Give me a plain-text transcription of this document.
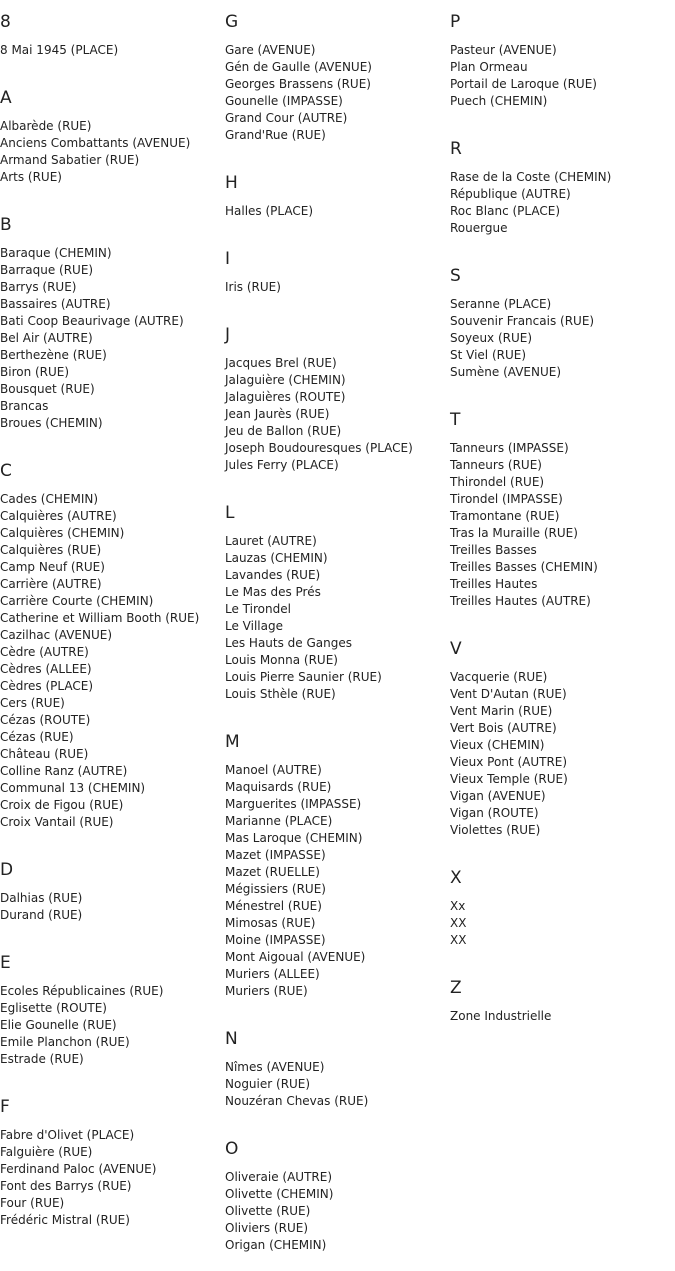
8
8 Mai 1945 (PLACE)
A
Albarède (RUE)
Anciens Combattants (AVENUE)
Armand Sabatier (RUE)
Arts (RUE)
B
Baraque (CHEMIN)
Barraque (RUE)
Barrys (RUE)
Bassaires (AUTRE)
Bati Coop Beaurivage (AUTRE)
Bel Air (AUTRE)
Berthezène (RUE)
Biron (RUE)
Bousquet (RUE)
Brancas
Broues (CHEMIN)
C
Cades (CHEMIN)
Calquières (AUTRE)
Calquières (CHEMIN)
Calquières (RUE)
Camp Neuf (RUE)
Carrière (AUTRE)
Carrière Courte (CHEMIN)
Catherine et William Booth (RUE)
Cazilhac (AVENUE)
Cèdre (AUTRE)
Cèdres (ALLEE)
Cèdres (PLACE)
Cers (RUE)
Cézas (ROUTE)
Cézas (RUE)
Château (RUE)
Colline Ranz (AUTRE)
Communal 13 (CHEMIN)
Croix de Figou (RUE)
Croix Vantail (RUE)
D
Dalhias (RUE)
Durand (RUE)
E
Ecoles Républicaines (RUE)
Eglisette (ROUTE)
Elie Gounelle (RUE)
Emile Planchon (RUE)
Estrade (RUE)
F
Fabre d'Olivet (PLACE)
Falguière (RUE)
Ferdinand Paloc (AVENUE)
Font des Barrys (RUE)
Four (RUE)
Frédéric Mistral (RUE)
G
Gare (AVENUE)
Gén de Gaulle (AVENUE)
Georges Brassens (RUE)
Gounelle (IMPASSE)
Grand Cour (AUTRE)
Grand'Rue (RUE)
H
Halles (PLACE)
I
Iris (RUE)
J
Jacques Brel (RUE)
Jalaguière (CHEMIN)
Jalaguières (ROUTE)
Jean Jaurès (RUE)
Jeu de Ballon (RUE)
Joseph Boudouresques (PLACE)
Jules Ferry (PLACE)
L
Lauret (AUTRE)
Lauzas (CHEMIN)
Lavandes (RUE)
Le Mas des Prés
Le Tirondel
Le Village
Les Hauts de Ganges
Louis Monna (RUE)
Louis Pierre Saunier (RUE)
Louis Sthèle (RUE)
M
Manoel (AUTRE)
Maquisards (RUE)
Marguerites (IMPASSE)
Marianne (PLACE)
Mas Laroque (CHEMIN)
Mazet (IMPASSE)
Mazet (RUELLE)
Mégissiers (RUE)
Ménestrel (RUE)
Mimosas (RUE)
Moine (IMPASSE)
Mont Aigoual (AVENUE)
Muriers (ALLEE)
Muriers (RUE)
N
Nîmes (AVENUE)
Noguier (RUE)
Nouzéran Chevas (RUE)
O
Oliveraie (AUTRE)
Olivette (CHEMIN)
Olivette (RUE)
Oliviers (RUE)
Origan (CHEMIN)
P
Pasteur (AVENUE)
Plan Ormeau
Portail de Laroque (RUE)
Puech (CHEMIN)
R
Rase de la Coste (CHEMIN)
République (AUTRE)
Roc Blanc (PLACE)
Rouergue
S
Seranne (PLACE)
Souvenir Francais (RUE)
Soyeux (RUE)
St Viel (RUE)
Sumène (AVENUE)
T
Tanneurs (IMPASSE)
Tanneurs (RUE)
Thirondel (RUE)
Tirondel (IMPASSE)
Tramontane (RUE)
Tras la Muraille (RUE)
Treilles Basses
Treilles Basses (CHEMIN)
Treilles Hautes
Treilles Hautes (AUTRE)
V
Vacquerie (RUE)
Vent D'Autan (RUE)
Vent Marin (RUE)
Vert Bois (AUTRE)
Vieux (CHEMIN)
Vieux Pont (AUTRE)
Vieux Temple (RUE)
Vigan (AVENUE)
Vigan (ROUTE)
Violettes (RUE)
X
Xx
XX
XX
Z
Zone Industrielle
